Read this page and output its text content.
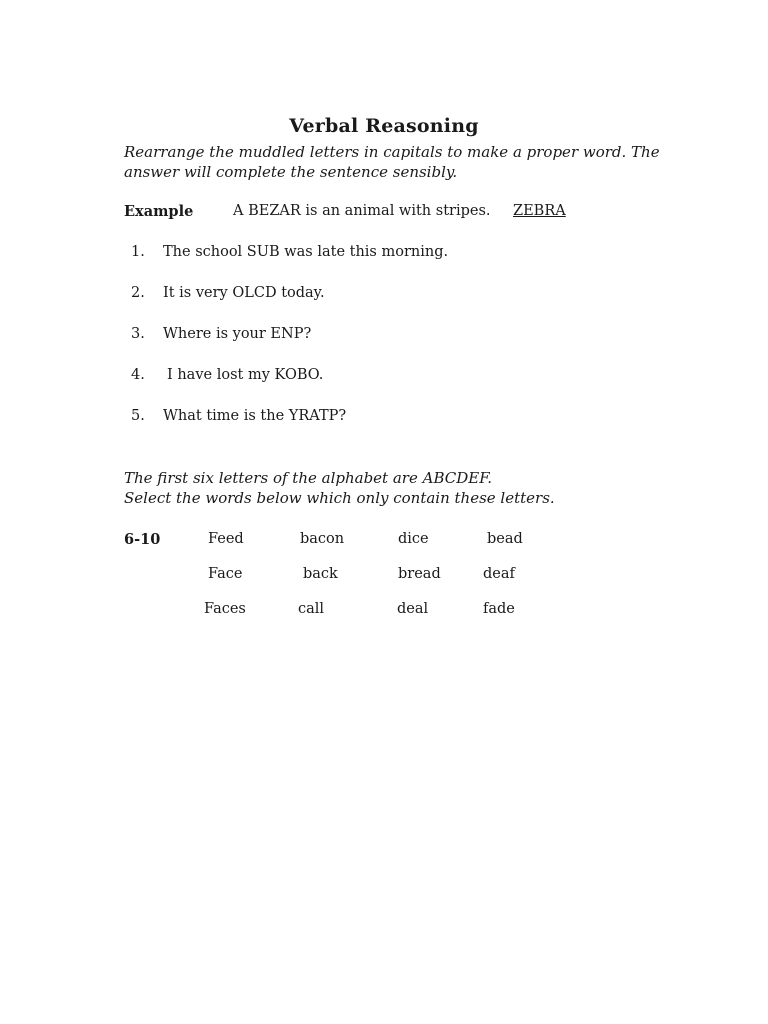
Verbal Reasoning
Rearrange the muddled letters in capitals to make a proper word. The
answer will complete the sentence sensibly.
Example	A BEZAR is an animal with stripes. ZEBRA
1. The school SUB was late this morning.
2. It is very OLCD today.
3. Where is your ENP?
4. I have lost my KOBO.
5. What time is the YRATP?
The first six letters of the alphabet are ABCDEF.
Select the words below which only contain these letters.
6-10	Feed	bacon	dice	bead
Face	back	bread	deaf
Faces	call	deal	fade
